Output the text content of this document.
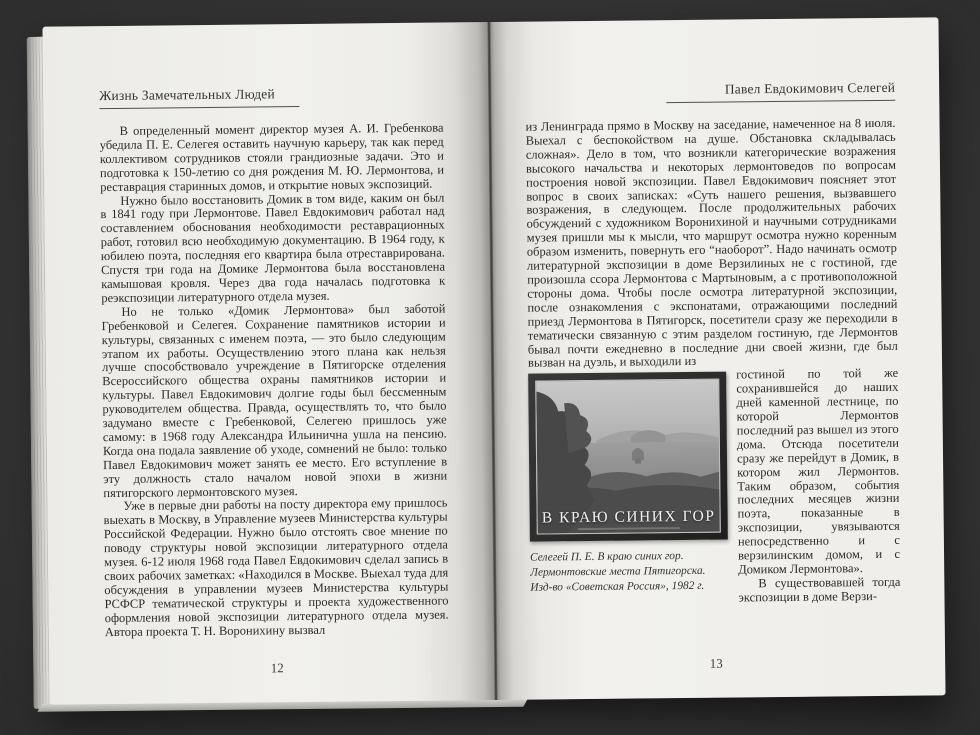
Жизнь Замечательных Людей

В определенный момент директор музея А. И. Гребенкова убедила П. Е. Селегея оставить научную карьеру, так как перед коллективом сотрудников стояли грандиозные задачи. Это и подготовка к 150-летию со дня рождения М. Ю. Лермонтова, и реставрация старинных домов, и открытие новых экспозиций.

Нужно было восстановить Домик в том виде, каким он был в 1841 году при Лермонтове. Павел Евдокимович работал над составлением обоснования необходимости реставрационных работ, готовил всю необходимую документацию. В 1964 году, к юбилею поэта, последняя его квартира была отреставрирована. Спустя три года на Домике Лермонтова была восстановлена камышовая кровля. Через два года началась подготовка к реэкспозиции литературного отдела музея.

Но не только «Домик Лермонтова» был заботой Гребенковой и Селегея. Сохранение памятников истории и культуры, связанных с именем поэта, — это было следующим этапом их работы. Осуществлению этого плана как нельзя лучше способствовало учреждение в Пятигорске отделения Всероссийского общества охраны памятников истории и культуры. Павел Евдокимович долгие годы был бессменным руководителем общества. Правда, осуществлять то, что было задумано вместе с Гребенковой, Селегею пришлось уже самому: в 1968 году Александра Ильинична ушла на пенсию. Когда она подала заявление об уходе, сомнений не было: только Павел Евдокимович может занять ее место. Его вступление в эту должность стало началом новой эпохи в жизни пятигорского лермонтовского музея.

Уже в первые дни работы на посту директора ему пришлось выехать в Москву, в Управление музеев Министерства культуры Российской Федерации. Нужно было отстоять свое мнение по поводу структуры новой экспозиции литературного отдела музея. 6-12 июля 1968 года Павел Евдокимович сделал запись в своих рабочих заметках: «Находился в Москве. Выехал туда для обсуждения в управлении музеев Министерства культуры РСФСР тематической структуры и проекта художественного оформления новой экспозиции литературного отдела музея. Автора проекта Т. Н. Воронихину вызвал

12
Павел Евдокимович Селегей

из Ленинграда прямо в Москву на заседание, намеченное на 8 июля. Выехал с беспокойством на душе. Обстановка складывалась сложная». Дело в том, что возникли категорические возражения высокого начальства и некоторых лермонтоведов по вопросам построения новой экспозиции. Павел Евдокимович поясняет этот вопрос в своих записках: «Суть нашего решения, вызвавшего возражения, в следующем. После продолжительных рабочих обсуждений с художником Воронихиной и научными сотрудниками музея пришли мы к мысли, что маршрут осмотра нужно коренным образом изменить, повернуть его “наоборот”. Надо начинать осмотр литературной экспозиции в доме Верзилиных не с гостиной, где произошла ссора Лермонтова с Мартыновым, а с противоположной стороны дома. Чтобы после осмотра литературной экспозиции, после ознакомления с экспонатами, отражающими последний приезд Лермонтова в Пятигорск, посетители сразу же переходили в тематически связанную с этим разделом гостиную, где Лермонтов бывал почти ежедневно в последние дни своей жизни, где был вызван на дуэль, и выходили из

В КРАЮ СИНИХ ГОР
Селегей П. Е. В краю синих гор. Лермонтовские места Пятигорска. Изд-во «Советская Россия», 1982 г.

гостиной по той же сохранившейся до наших дней каменной лестнице, по которой Лермонтов последний раз вышел из этого дома. Отсюда посетители сразу же перейдут в Домик, в котором жил Лермонтов. Таким образом, события последних месяцев жизни поэта, показанные в экспозиции, увязываются непосредственно и с верзилинским домом, и с Домиком Лермонтова».

В существовавшей тогда экспозиции в доме Верзи-

13
